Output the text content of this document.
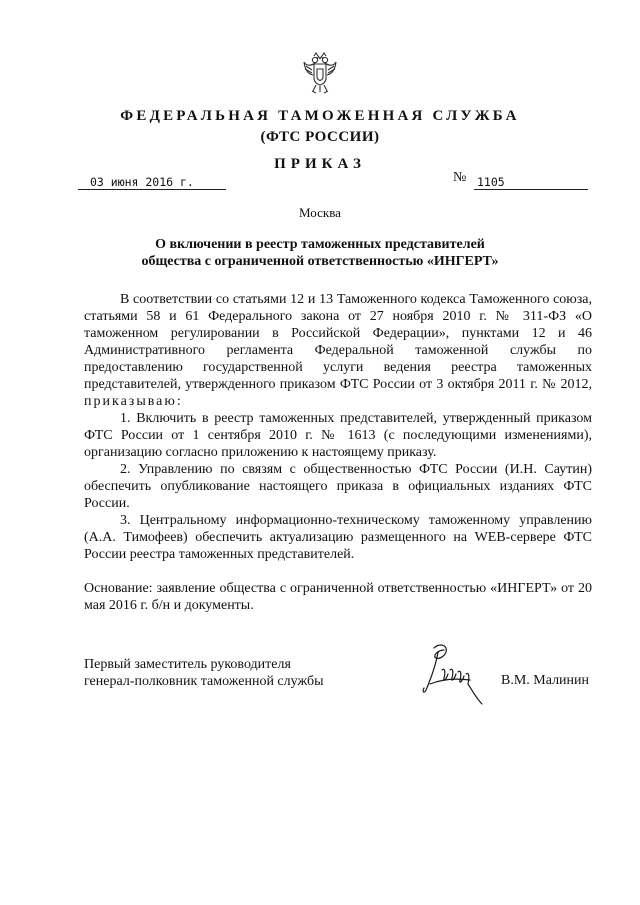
ФЕДЕРАЛЬНАЯ ТАМОЖЕННАЯ СЛУЖБА
(ФТС РОССИИ)
ПРИКАЗ
03 июня 2016 г.	№ 1105
Москва
О включении в реестр таможенных представителей
общества с ограниченной ответственностью «ИНГЕРТ»

В соответствии со статьями 12 и 13 Таможенного кодекса Таможенного союза, статьями 58 и 61 Федерального закона от 27 ноября 2010 г. № 311-ФЗ «О таможенном регулировании в Российской Федерации», пунктами 12 и 46 Административного регламента Федеральной таможенной службы по предоставлению государственной услуги ведения реестра таможенных представителей, утвержденного приказом ФТС России от 3 октября 2011 г. № 2012, приказываю:

1. Включить в реестр таможенных представителей, утвержденный приказом ФТС России от 1 сентября 2010 г. № 1613 (с последующими изменениями), организацию согласно приложению к настоящему приказу.

2. Управлению по связям с общественностью ФТС России (И.Н. Саутин) обеспечить опубликование настоящего приказа в официальных изданиях ФТС России.

3. Центральному информационно-техническому таможенному управлению (А.А. Тимофеев) обеспечить актуализацию размещенного на WEB-сервере ФТС России реестра таможенных представителей.

Основание: заявление общества с ограниченной ответственностью «ИНГЕРТ» от 20 мая 2016 г. б/н и документы.

Первый заместитель руководителя
генерал-полковник таможенной службы	В.М. Малинин
